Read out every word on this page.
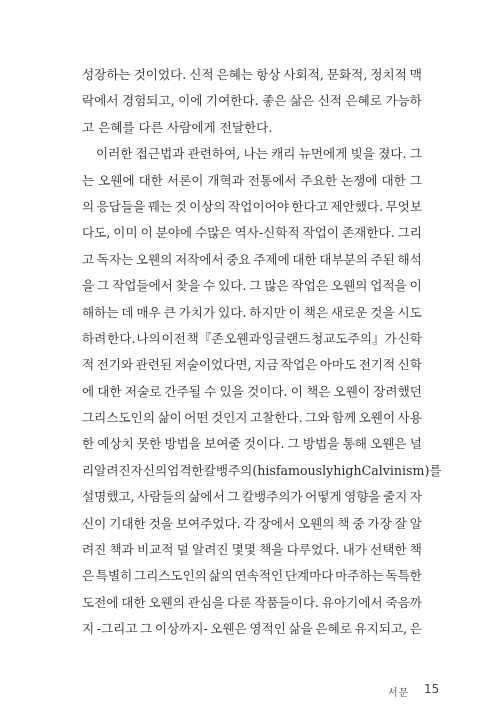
성장하는 것이었다. 신적 은혜는 항상 사회적, 문화적, 정치적 맥
락에서 경험되고, 이에 기여한다. 좋은 삶은 신적 은혜로 가능하
고 은혜를 다른 사람에게 전달한다.
이러한 접근법과 관련하여, 나는 캐리 뉴먼에게 빚을 졌다. 그
는 오웬에 대한 서론이 개혁과 전통에서 주요한 논쟁에 대한 그
의 응답들을 꿰는 것 이상의 작업이어야 한다고 제안했다. 무엇보
다도, 이미 이 분야에 수많은 역사-신학적 작업이 존재한다. 그리
고 독자는 오웬의 저작에서 중요 주제에 대한 대부분의 주된 해석
을 그 작업들에서 찾을 수 있다. 그 많은 작업은 오웬의 업적을 이
해하는 데 매우 큰 가치가 있다. 하지만 이 책은 새로운 것을 시도
하려 한다. 나의 이전 책『존 오웬과 잉글랜드 청교도주의』가 신학
적 전기와 관련된 저술이었다면, 지금 작업은 아마도 전기적 신학
에 대한 저술로 간주될 수 있을 것이다. 이 책은 오웬이 장려했던
그리스도인의 삶이 어떤 것인지 고찰한다. 그와 함께 오웬이 사용
한 예상치 못한 방법을 보여줄 것이다. 그 방법을 통해 오웬은 널
리 알려진 자신의 엄격한 칼뱅주의(his famously high Calvinism)를
설명했고, 사람들의 삶에서 그 칼뱅주의가 어떻게 영향을 줄지 자
신이 기대한 것을 보여주었다. 각 장에서 오웬의 책 중 가장 잘 알
려진 책과 비교적 덜 알려진 몇몇 책을 다루었다. 내가 선택한 책
은 특별히 그리스도인의 삶의 연속적인 단계마다 마주하는 독특한
도전에 대한 오웬의 관심을 다룬 작품들이다. 유아기에서 죽음까
지 -그리고 그 이상까지- 오웬은 영적인 삶을 은혜로 유지되고, 은
서문 15
